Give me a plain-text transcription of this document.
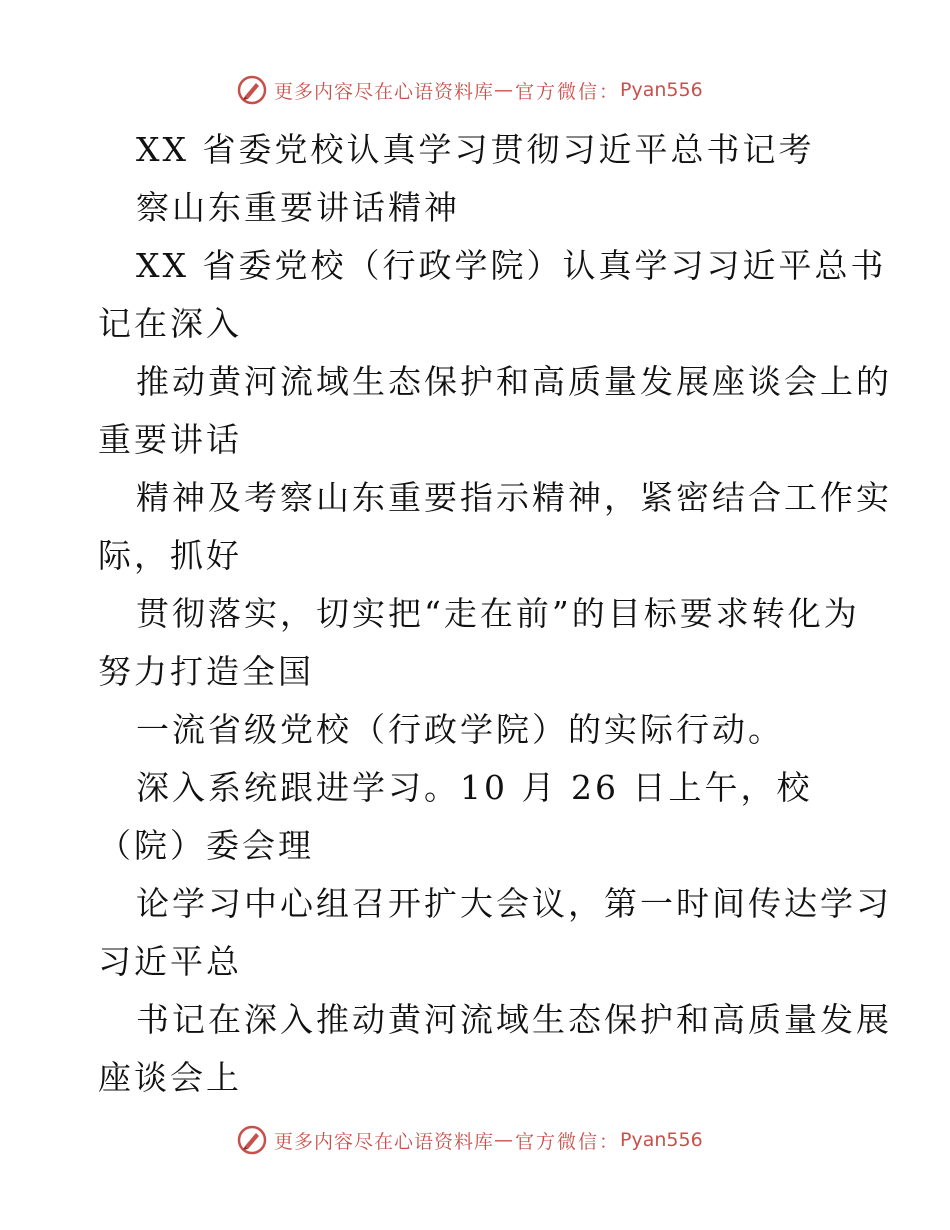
更多内容尽在心语资料库 — 官方微信： Pyan556
XX 省委党校认真学习贯彻习近平总书记考
察山东重要讲话精神
XX 省委党校（行政学院）认真学习习近平总书
记在深入
推动黄河流域生态保护和高质量发展座谈会上的
重要讲话
精神及考察山东重要指示精神，紧密结合工作实
际，抓好
贯彻落实，切实把“走在前”的目标要求转化为
努力打造全国
一流省级党校（行政学院）的实际行动。
深入系统跟进学习。10 月 26 日上午，校
（院）委会理
论学习中心组召开扩大会议，第一时间传达学习
习近平总
书记在深入推动黄河流域生态保护和高质量发展
座谈会上
更多内容尽在心语资料库 — 官方微信： Pyan556
